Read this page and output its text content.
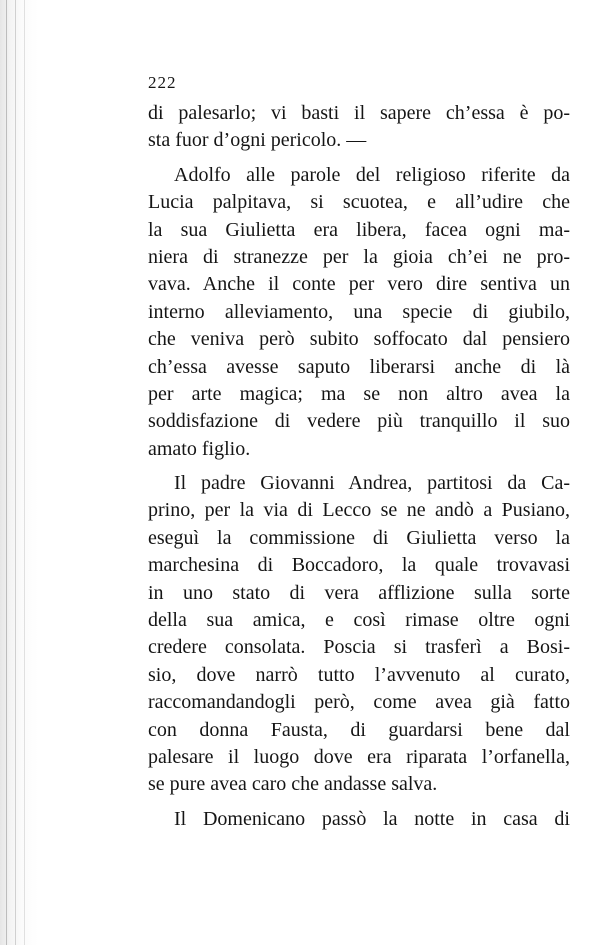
222
di palesarlo; vi basti il sapere ch’essa è po-
sta fuor d’ogni pericolo. —
Adolfo alle parole del religioso riferite da
Lucia palpitava, si scuotea, e all’udire che
la sua Giulietta era libera, facea ogni ma-
niera di stranezze per la gioia ch’ei ne pro-
vava. Anche il conte per vero dire sentiva un
interno alleviamento, una specie di giubilo,
che veniva però subito soffocato dal pensiero
ch’essa avesse saputo liberarsi anche di là
per arte magica; ma se non altro avea la
soddisfazione di vedere più tranquillo il suo
amato figlio.
Il padre Giovanni Andrea, partitosi da Ca-
prino, per la via di Lecco se ne andò a Pusiano,
eseguì la commissione di Giulietta verso la
marchesina di Boccadoro, la quale trovavasi
in uno stato di vera afflizione sulla sorte
della sua amica, e così rimase oltre ogni
credere consolata. Poscia si trasferì a Bosi-
sio, dove narrò tutto l’avvenuto al curato,
raccomandandogli però, come avea già fatto
con donna Fausta, di guardarsi bene dal
palesare il luogo dove era riparata l’orfanella,
se pure avea caro che andasse salva.
Il Domenicano passò la notte in casa di
